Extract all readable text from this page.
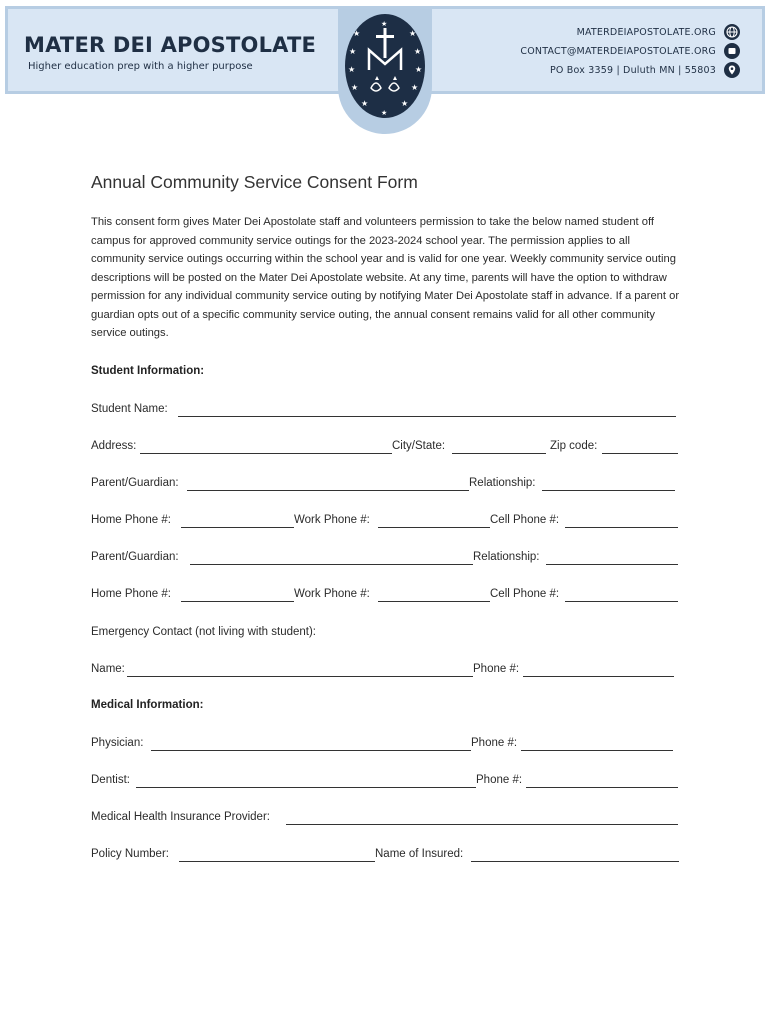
MATER DEI APOSTOLATE
Higher education prep with a higher purpose
MATERDEIAPOSTOLATE.ORG
CONTACT@MATERDEIAPOSTOLATE.ORG
PO Box 3359 | Duluth MN | 55803
★	★
★	★
★	★
★	★
★	★
★
★
Annual Community Service Consent Form
This consent form gives Mater Dei Apostolate staff and volunteers permission to take the below named student off campus for approved community service outings for the 2023-2024 school year. The permission applies to all community service outings occurring within the school year and is valid for one year. Weekly community service outing descriptions will be posted on the Mater Dei Apostolate website. At any time, parents will have the option to withdraw permission for any individual community service outing by notifying Mater Dei Apostolate staff in advance. If a parent or guardian opts out of a specific community service outing, the annual consent remains valid for all other community service outings.
Student Information:
Student Name:
Address:	City/State:	Zip code:
Parent/Guardian:	Relationship:
Home Phone #:	Work Phone #:	Cell Phone #:
Parent/Guardian:	Relationship:
Home Phone #:	Work Phone #:	Cell Phone #:
Emergency Contact (not living with student):
Name:	Phone #:
Medical Information:
Physician:	Phone #:
Dentist:	Phone #:
Medical Health Insurance Provider:
Policy Number:	Name of Insured:
